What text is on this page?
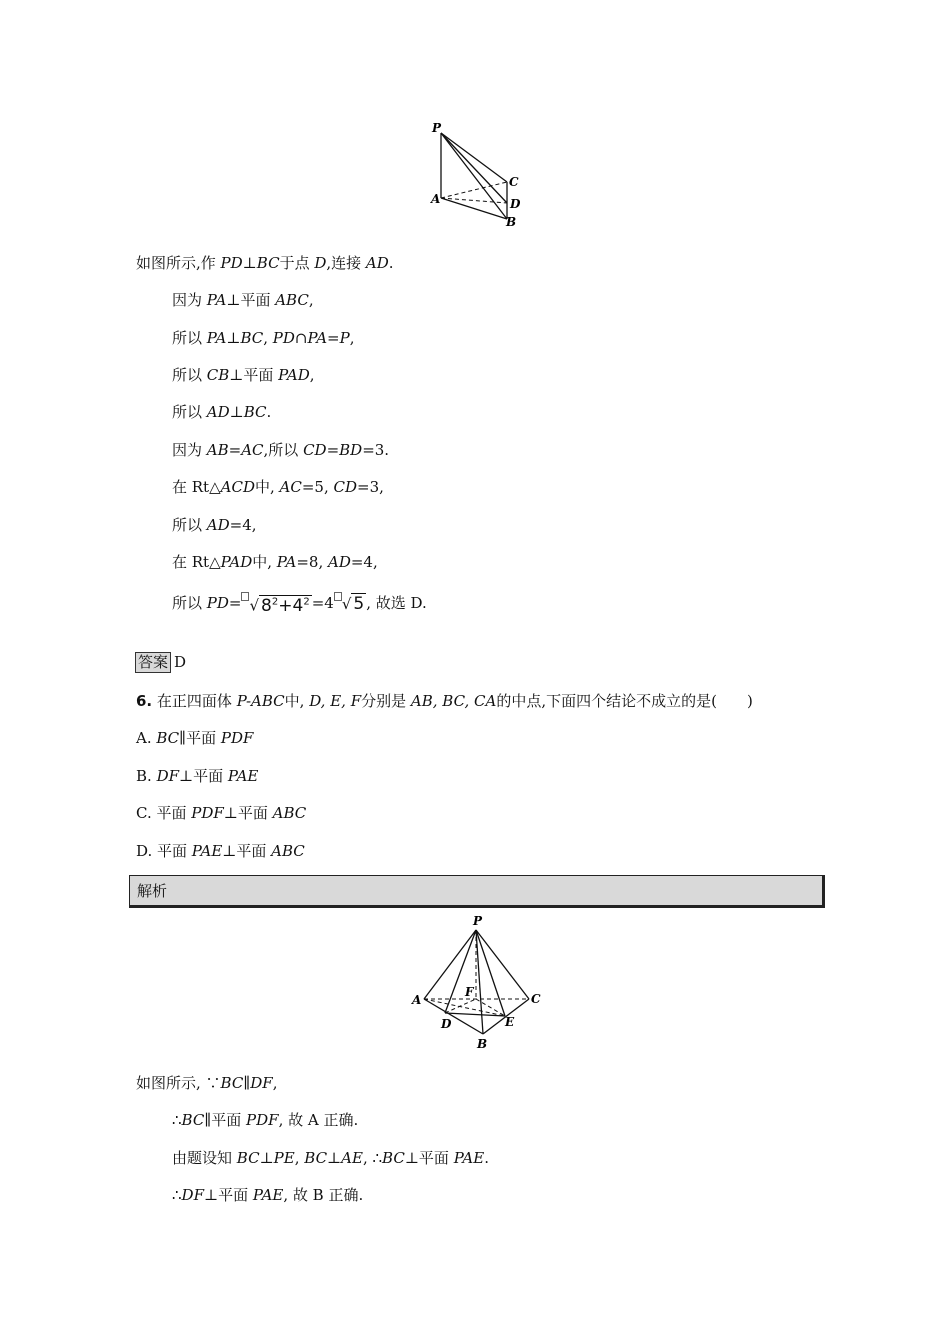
P
A
C
D
B
如图所示,作 PD⊥BC于点 D,连接 AD.
因为 PA⊥平面 ABC,
所以 PA⊥BC, PD∩PA=P,
所以 CB⊥平面 PAD,
所以 AD⊥BC.
因为 AB=AC,所以 CD=BD=3.
在 Rt△ACD中, AC=5, CD=3,
所以 AD=4,
在 Rt△PAD中, PA=8, AD=4,
所以 PD= √ $8^2+4^2 =4$ √ 5 , 故选 D.
答案 D
6. 在正四面体 P-ABC中, D, E, F分别是 AB, BC, CA的中点,下面四个结论不成立的是(　　)
A. BC∥平面 PDF
B. DF⊥平面 PAE
C. 平面 PDF⊥平面 ABC
D. 平面 PAE⊥平面 ABC
解析
P
A	C
F
D	E
B
如图所示, ∵BC∥DF,
∴BC∥平面 PDF, 故 A 正确.
由题设知 BC⊥PE, BC⊥AE, ∴BC⊥平面 PAE.
∴DF⊥平面 PAE, 故 B 正确.
